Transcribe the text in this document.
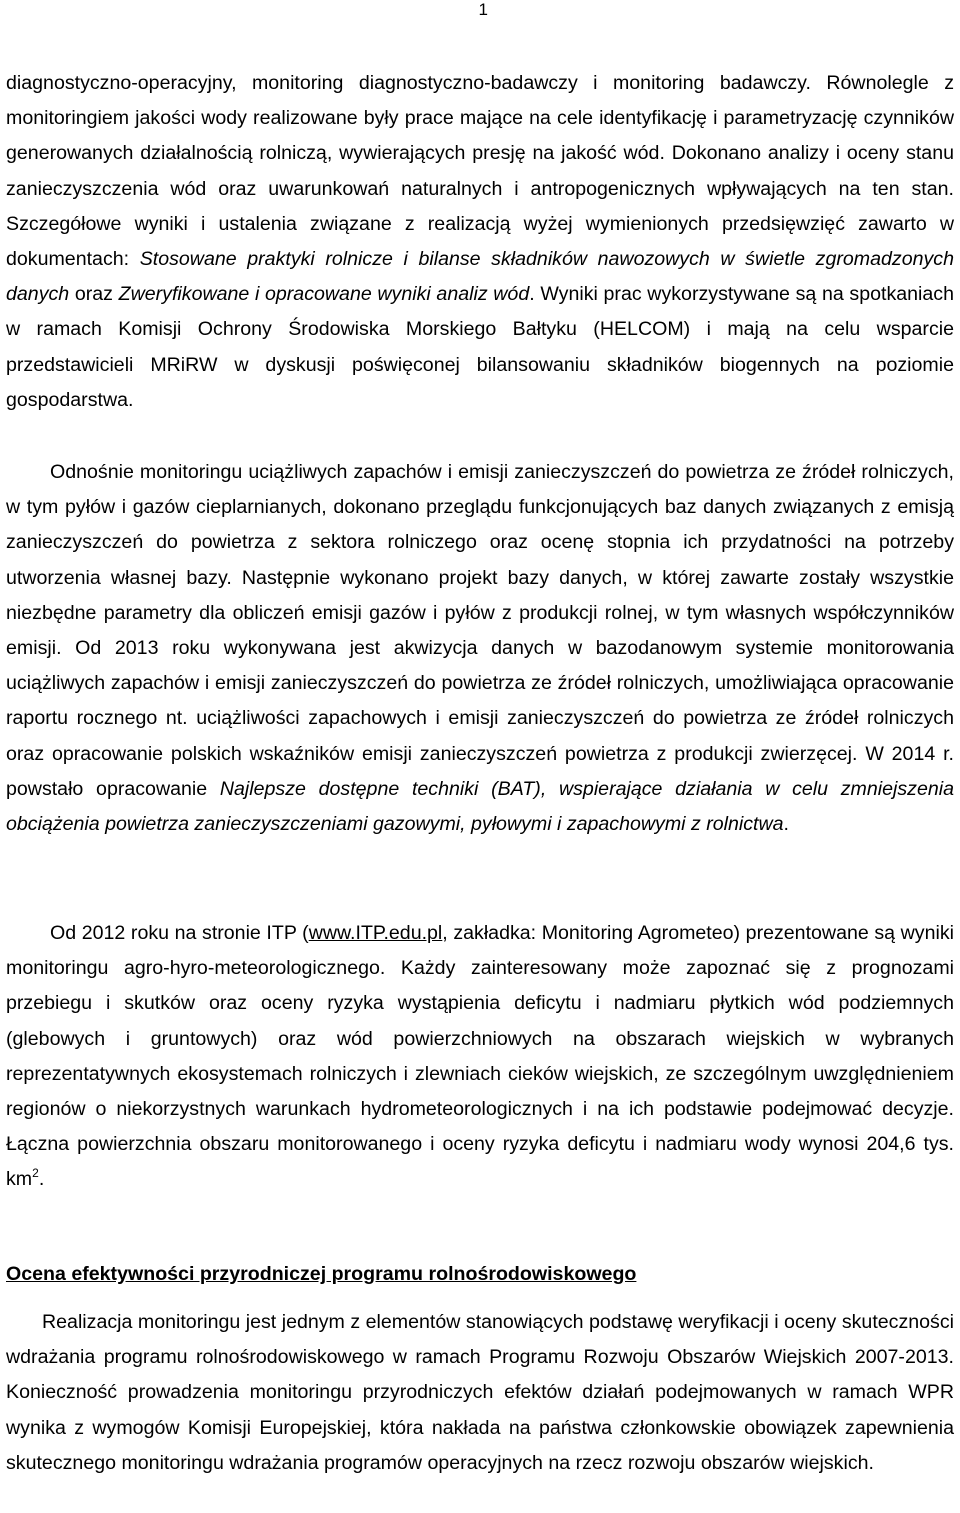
1

diagnostyczno-operacyjny, monitoring diagnostyczno-badawczy i monitoring badawczy. Równolegle z monitoringiem jakości wody realizowane były prace mające na cele identyfikację i parametryzację czynników generowanych działalnością rolniczą, wywierających presję na jakość wód. Dokonano analizy i oceny stanu zanieczyszczenia wód oraz uwarunkowań naturalnych i antropogenicznych wpływających na ten stan. Szczegółowe wyniki i ustalenia związane z realizacją wyżej wymienionych przedsięwzięć zawarto w dokumentach: Stosowane praktyki rolnicze i bilanse składników nawozowych w świetle zgromadzonych danych oraz Zweryfikowane i opracowane wyniki analiz wód. Wyniki prac wykorzystywane są na spotkaniach w ramach Komisji Ochrony Środowiska Morskiego Bałtyku (HELCOM) i mają na celu wsparcie przedstawicieli MRiRW w dyskusji poświęconej bilansowaniu składników biogennych na poziomie gospodarstwa.

Odnośnie monitoringu uciążliwych zapachów i emisji zanieczyszczeń do powietrza ze źródeł rolniczych, w tym pyłów i gazów cieplarnianych, dokonano przeglądu funkcjonujących baz danych związanych z emisją zanieczyszczeń do powietrza z sektora rolniczego oraz ocenę stopnia ich przydatności na potrzeby utworzenia własnej bazy. Następnie wykonano projekt bazy danych, w której zawarte zostały wszystkie niezbędne parametry dla obliczeń emisji gazów i pyłów z produkcji rolnej, w tym własnych współczynników emisji. Od 2013 roku wykonywana jest akwizycja danych w bazodanowym systemie monitorowania uciążliwych zapachów i emisji zanieczyszczeń do powietrza ze źródeł rolniczych, umożliwiająca opracowanie raportu rocznego nt. uciążliwości zapachowych i emisji zanieczyszczeń do powietrza ze źródeł rolniczych oraz opracowanie polskich wskaźników emisji zanieczyszczeń powietrza z produkcji zwierzęcej. W 2014 r. powstało opracowanie Najlepsze dostępne techniki (BAT), wspierające działania w celu zmniejszenia obciążenia powietrza zanieczyszczeniami gazowymi, pyłowymi i zapachowymi z rolnictwa.

Od 2012 roku na stronie ITP (www.ITP.edu.pl, zakładka: Monitoring Agrometeo) prezentowane są wyniki monitoringu agro-hyro-meteorologicznego. Każdy zainteresowany może zapoznać się z prognozami przebiegu i skutków oraz oceny ryzyka wystąpienia deficytu i nadmiaru płytkich wód podziemnych (glebowych i gruntowych) oraz wód powierzchniowych na obszarach wiejskich w wybranych reprezentatywnych ekosystemach rolniczych i zlewniach cieków wiejskich, ze szczególnym uwzględnieniem regionów o niekorzystnych warunkach hydrometeorologicznych i na ich podstawie podejmować decyzje. Łączna powierzchnia obszaru monitorowanego i oceny ryzyka deficytu i nadmiaru wody wynosi 204,6 tys. $km^2$.

Ocena efektywności przyrodniczej programu rolnośrodowiskowego

Realizacja monitoringu jest jednym z elementów stanowiących podstawę weryfikacji i oceny skuteczności wdrażania programu rolnośrodowiskowego w ramach Programu Rozwoju Obszarów Wiejskich 2007-2013. Konieczność prowadzenia monitoringu przyrodniczych efektów działań podejmowanych w ramach WPR wynika z wymogów Komisji Europejskiej, która nakłada na państwa członkowskie obowiązek zapewnienia skutecznego monitoringu wdrażania programów operacyjnych na rzecz rozwoju obszarów wiejskich.
